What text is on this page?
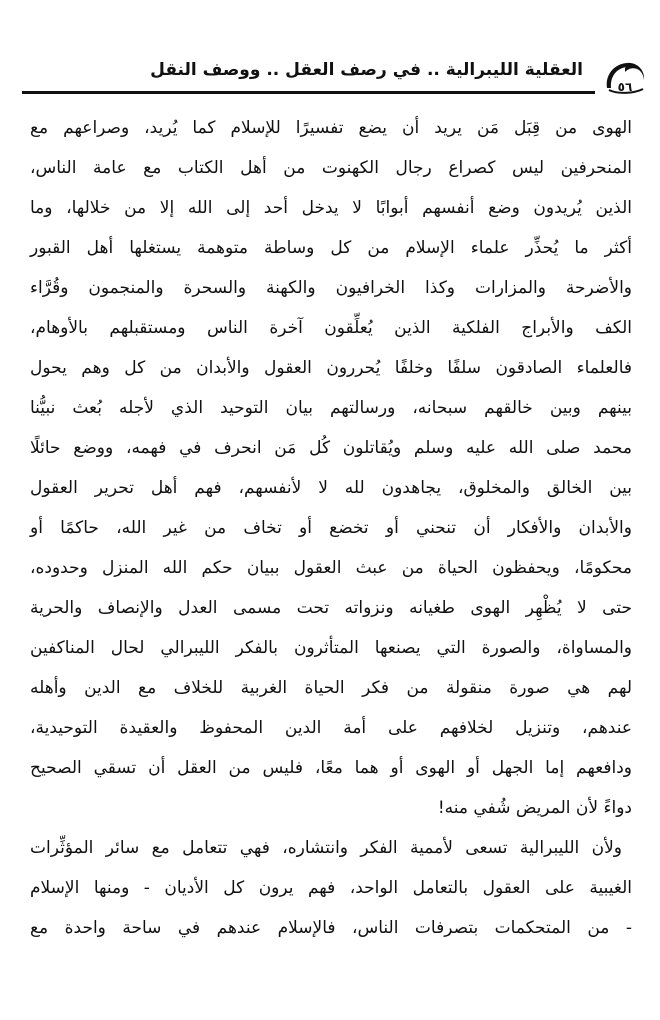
العقلية الليبرالية .. في رصف العقل .. ووصف النقل
٥٦
الهوى من قِبَل مَن يريد أن يضع تفسيرًا للإسلام كما يُريد، وصراعهم مع
المنحرفين ليس كصراع رجال الكهنوت من أهل الكتاب مع عامة الناس،
الذين يُريدون وضع أنفسهم أبوابًا لا يدخل أحد إلى الله إلا من خلالها، وما
أكثر ما يُحذِّر علماء الإسلام من كل وساطة متوهمة يستغلها أهل القبور
والأضرحة والمزارات وكذا الخرافيون والكهنة والسحرة والمنجمون وقُرَّاء
الكف والأبراج الفلكية الذين يُعلِّقون آخرة الناس ومستقبلهم بالأوهام،
فالعلماء الصادقون سلفًا وخلفًا يُحررون العقول والأبدان من كل وهم يحول
بينهم وبين خالقهم سبحانه، ورسالتهم بيان التوحيد الذي لأجله بُعث نبيُّنا
محمد صلى الله عليه وسلم ويُقاتلون كُل مَن انحرف في فهمه، ووضع حائلًا
بين الخالق والمخلوق، يجاهدون لله لا لأنفسهم، فهم أهل تحرير العقول
والأبدان والأفكار أن تنحني أو تخضع أو تخاف من غير الله، حاكمًا أو
محكومًا، ويحفظون الحياة من عبث العقول ببيان حكم الله المنزل وحدوده،
حتى لا يُظْهِر الهوى طغيانه ونزواته تحت مسمى العدل والإنصاف والحرية
والمساواة، والصورة التي يصنعها المتأثرون بالفكر الليبرالي لحال المناكفين
لهم هي صورة منقولة من فكر الحياة الغربية للخلاف مع الدين وأهله
عندهم، وتنزيل لخلافهم على أمة الدين المحفوظ والعقيدة التوحيدية،
ودافعهم إما الجهل أو الهوى أو هما معًا، فليس من العقل أن تسقي الصحيح
دواءً لأن المريض شُفي منه!
ولأن الليبرالية تسعى لأممية الفكر وانتشاره، فهي تتعامل مع سائر المؤثِّرات
الغيبية على العقول بالتعامل الواحد، فهم يرون كل الأديان - ومنها الإسلام
- من المتحكمات بتصرفات الناس، فالإسلام عندهم في ساحة واحدة مع
